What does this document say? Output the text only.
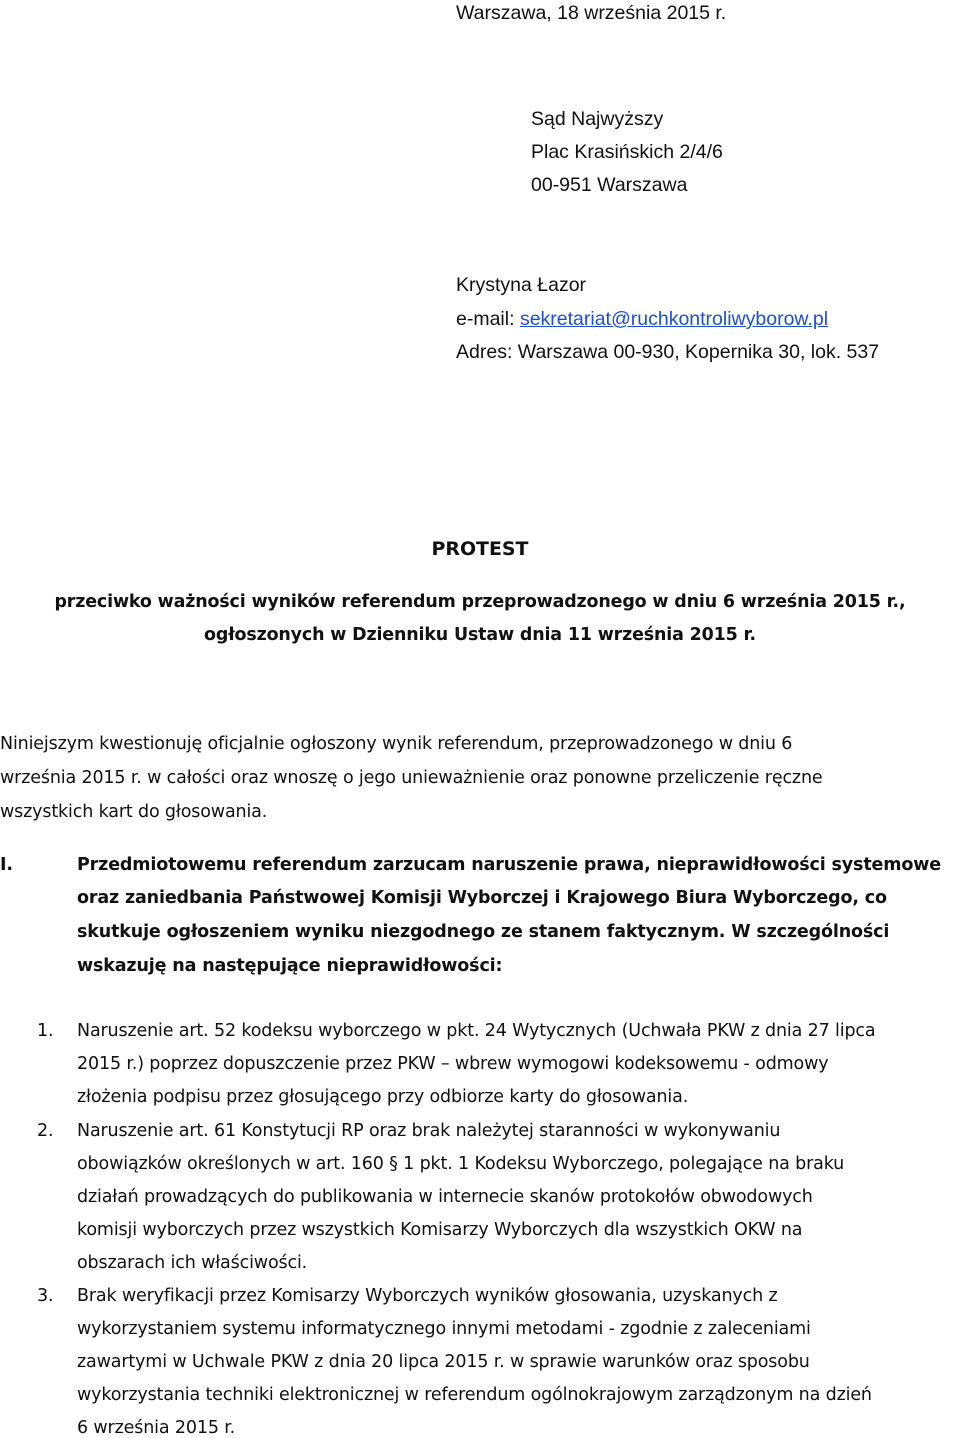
Warszawa, 18 września 2015 r.
Sąd Najwyższy
Plac Krasińskich 2/4/6
00-951 Warszawa
Krystyna Łazor
e-mail: sekretariat@ruchkontroliwyborow.pl
Adres: Warszawa 00-930, Kopernika 30, lok. 537
PROTEST
przeciwko ważności wyników referendum przeprowadzonego w dniu 6 września 2015 r.,
ogłoszonych w Dzienniku Ustaw dnia 11 września 2015 r.
Niniejszym kwestionuję oficjalnie ogłoszony wynik referendum, przeprowadzonego w dniu 6
września 2015 r. w całości oraz wnoszę o jego unieważnienie oraz ponowne przeliczenie ręczne
wszystkich kart do głosowania.
I.	Przedmiotowemu referendum zarzucam naruszenie prawa, nieprawidłowości systemowe
oraz zaniedbania Państwowej Komisji Wyborczej i Krajowego Biura Wyborczego, co
skutkuje ogłoszeniem wyniku niezgodnego ze stanem faktycznym. W szczególności
wskazuję na następujące nieprawidłowości:
1. Naruszenie art. 52 kodeksu wyborczego w pkt. 24 Wytycznych (Uchwała PKW z dnia 27 lipca
2015 r.) poprzez dopuszczenie przez PKW – wbrew wymogowi kodeksowemu - odmowy
złożenia podpisu przez głosującego przy odbiorze karty do głosowania.
2. Naruszenie art. 61 Konstytucji RP oraz brak należytej staranności w wykonywaniu
obowiązków określonych w art. 160 § 1 pkt. 1 Kodeksu Wyborczego, polegające na braku
działań prowadzących do publikowania w internecie skanów protokołów obwodowych
komisji wyborczych przez wszystkich Komisarzy Wyborczych dla wszystkich OKW na
obszarach ich właściwości.
3. Brak weryfikacji przez Komisarzy Wyborczych wyników głosowania, uzyskanych z
wykorzystaniem systemu informatycznego innymi metodami - zgodnie z zaleceniami
zawartymi w Uchwale PKW z dnia 20 lipca 2015 r. w sprawie warunków oraz sposobu
wykorzystania techniki elektronicznej w referendum ogólnokrajowym zarządzonym na dzień
6 września 2015 r.
